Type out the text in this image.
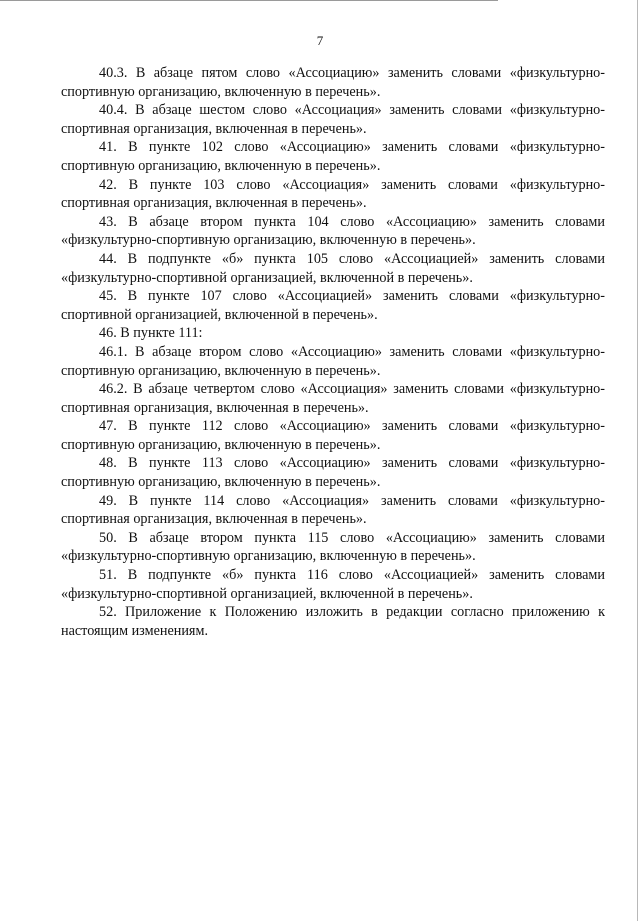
7

40.3. В абзаце пятом слово «Ассоциацию» заменить словами «физкультурно-спортивную организацию, включенную в перечень».

40.4. В абзаце шестом слово «Ассоциация» заменить словами «физкультурно-спортивная организация, включенная в перечень».

41. В пункте 102 слово «Ассоциацию» заменить словами «физкультурно-спортивную организацию, включенную в перечень».

42. В пункте 103 слово «Ассоциация» заменить словами «физкультурно-спортивная организация, включенная в перечень».

43. В абзаце втором пункта 104 слово «Ассоциацию» заменить словами «физкультурно-спортивную организацию, включенную в перечень».

44. В подпункте «б» пункта 105 слово «Ассоциацией» заменить словами «физкультурно-спортивной организацией, включенной в перечень».

45. В пункте 107 слово «Ассоциацией» заменить словами «физкультурно-спортивной организацией, включенной в перечень».

46. В пункте 111:

46.1. В абзаце втором слово «Ассоциацию» заменить словами «физкультурно-спортивную организацию, включенную в перечень».

46.2. В абзаце четвертом слово «Ассоциация» заменить словами «физкультурно-спортивная организация, включенная в перечень».

47. В пункте 112 слово «Ассоциацию» заменить словами «физкультурно-спортивную организацию, включенную в перечень».

48. В пункте 113 слово «Ассоциацию» заменить словами «физкультурно-спортивную организацию, включенную в перечень».

49. В пункте 114 слово «Ассоциация» заменить словами «физкультурно-спортивная организация, включенная в перечень».

50. В абзаце втором пункта 115 слово «Ассоциацию» заменить словами «физкультурно-спортивную организацию, включенную в перечень».

51. В подпункте «б» пункта 116 слово «Ассоциацией» заменить словами «физкультурно-спортивной организацией, включенной в перечень».

52. Приложение к Положению изложить в редакции согласно приложению к настоящим изменениям.
